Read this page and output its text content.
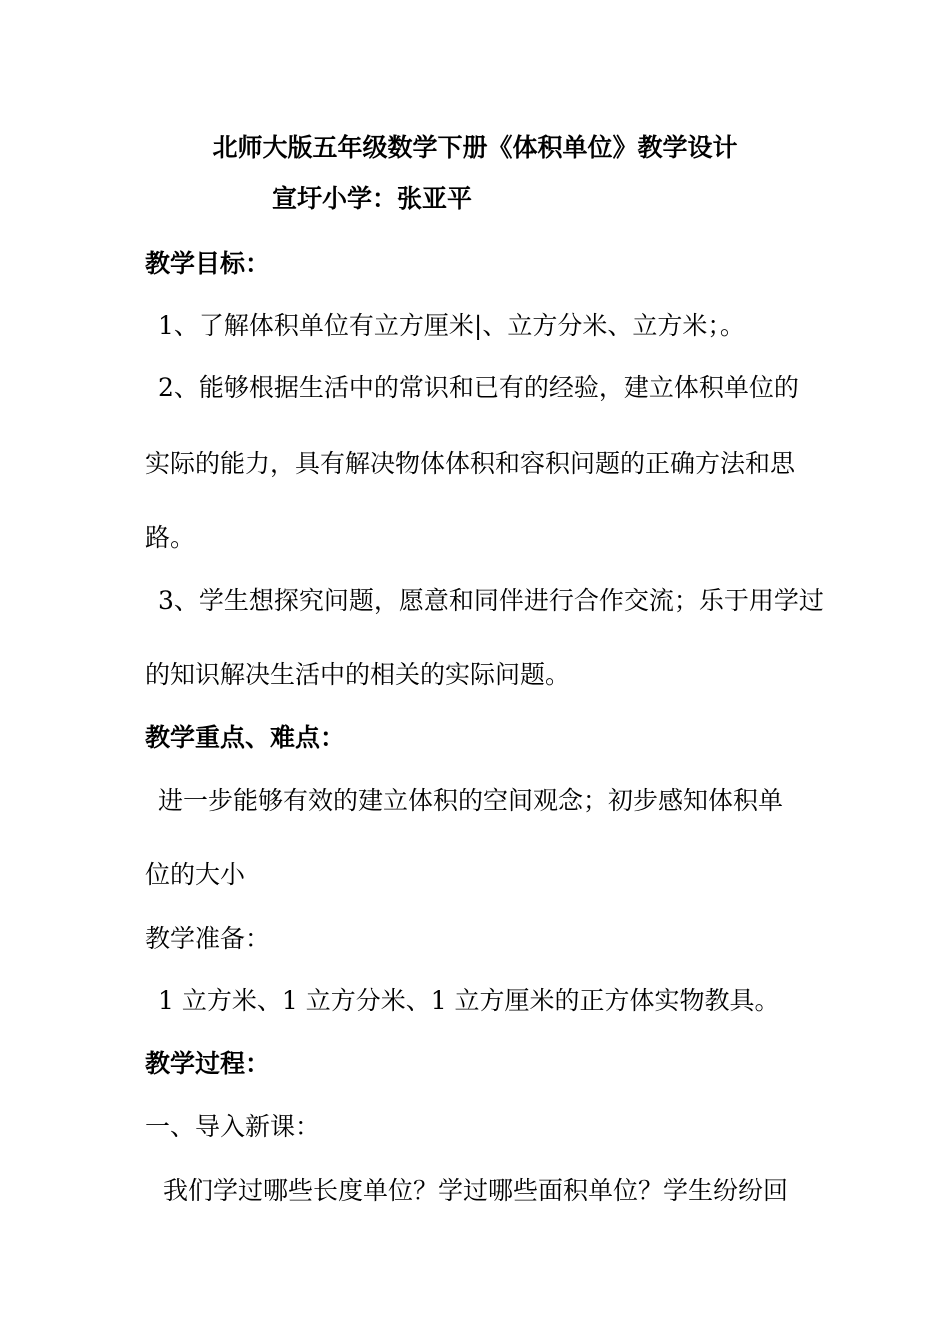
北师大版五年级数学下册《体积单位》教学设计
宣圩小学：张亚平
教学目标：
1、了解体积单位有立方厘米|、立方分米、立方米；。
2、能够根据生活中的常识和已有的经验，建立体积单位的
实际的能力，具有解决物体体积和容积问题的正确方法和思
路。
3、学生想探究问题，愿意和同伴进行合作交流；乐于用学过
的知识解决生活中的相关的实际问题。
教学重点、难点：
进一步能够有效的建立体积的空间观念；初步感知体积单
位的大小
教学准备：
1 立方米、1 立方分米、1 立方厘米的正方体实物教具。
教学过程：
一、导入新课：
我们学过哪些长度单位？学过哪些面积单位？学生纷纷回
